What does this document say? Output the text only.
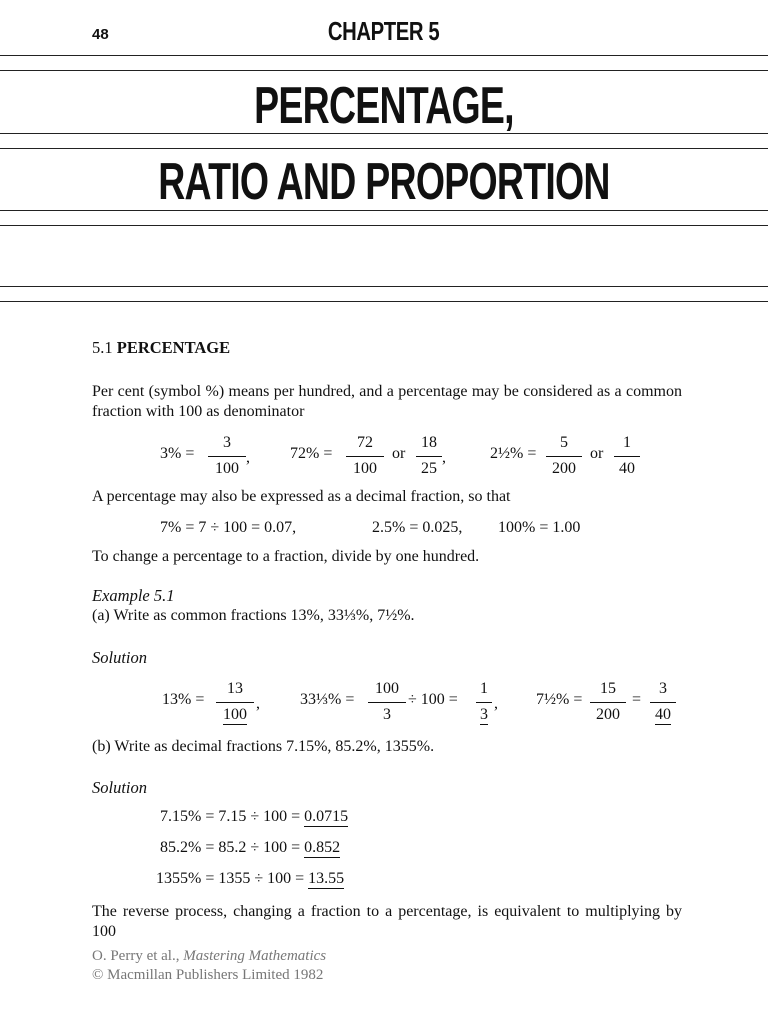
48	CHAPTER 5
PERCENTAGE,
RATIO AND PROPORTION
5.1 PERCENTAGE
Per cent (symbol %) means per hundred, and a percentage may be considered as a common fraction with 100 as denominator
3% =
3
100
,	72% =
72
100
or
18
25
,	2½% =
5
200
or
1
40
A percentage may also be expressed as a decimal fraction, so that
7% = 7 ÷ 100 = 0.07,	2.5% = 0.025, 100% = 1.00
To change a percentage to a fraction, divide by one hundred.
Example 5.1
(a) Write as common fractions 13%, 33⅓%, 7½%.
Solution
13% =
13
100
,	33⅓% =
100
3
÷ 100 =
1
3
, 7½% =
15
200
=
3
40
(b) Write as decimal fractions 7.15%, 85.2%, 1355%.
Solution
7.15% = 7.15 ÷ 100 = 0.0715
85.2% = 85.2 ÷ 100 = 0.852
1355% = 1355 ÷ 100 = 13.55
The reverse process, changing a fraction to a percentage, is equivalent to multiplying by 100
O. Perry et al., Mastering Mathematics
© Macmillan Publishers Limited 1982
